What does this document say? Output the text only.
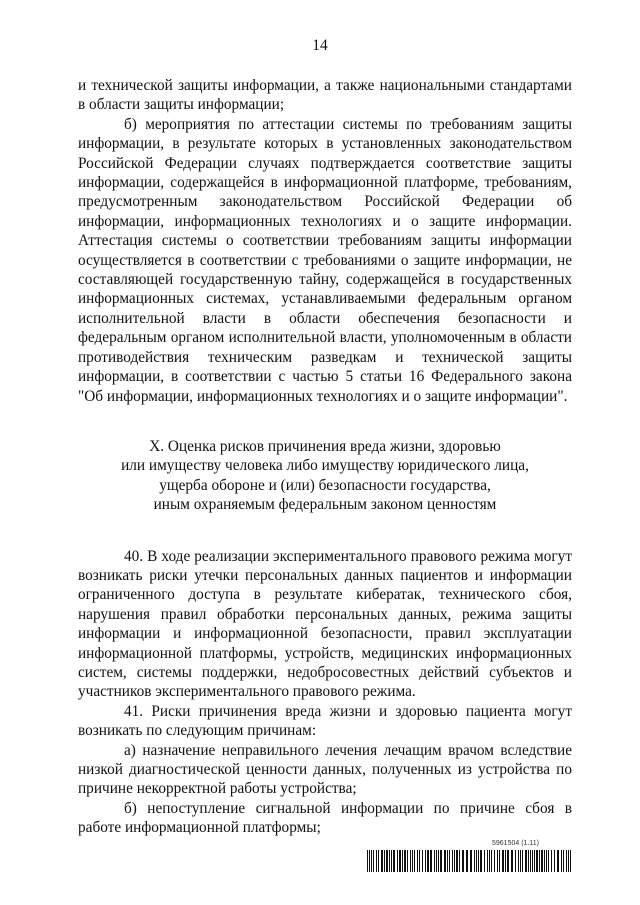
14

и технической защиты информации, а также национальными стандартами в области защиты информации;

б) мероприятия по аттестации системы по требованиям защиты информации, в результате которых в установленных законодательством Российской Федерации случаях подтверждается соответствие защиты информации, содержащейся в информационной платформе, требованиям, предусмотренным законодательством Российской Федерации об информации, информационных технологиях и о защите информации. Аттестация системы о соответствии требованиям защиты информации осуществляется в соответствии с требованиями о защите информации, не составляющей государственную тайну, содержащейся в государственных информационных системах, устанавливаемыми федеральным органом исполнительной власти в области обеспечения безопасности и федеральным органом исполнительной власти, уполномоченным в области противодействия техническим разведкам и технической защиты информации, в соответствии с частью 5 статьи 16 Федерального закона "Об информации, информационных технологиях и о защите информации".

X. Оценка рисков причинения вреда жизни, здоровью
или имуществу человека либо имуществу юридического лица,
ущерба обороне и (или) безопасности государства,
иным охраняемым федеральным законом ценностям

40. В ходе реализации экспериментального правового режима могут возникать риски утечки персональных данных пациентов и информации ограниченного доступа в результате кибератак, технического сбоя, нарушения правил обработки персональных данных, режима защиты информации и информационной безопасности, правил эксплуатации информационной платформы, устройств, медицинских информационных систем, системы поддержки, недобросовестных действий субъектов и участников экспериментального правового режима.

41. Риски причинения вреда жизни и здоровью пациента могут возникать по следующим причинам:

а) назначение неправильного лечения лечащим врачом вследствие низкой диагностической ценности данных, полученных из устройства по причине некорректной работы устройства;

б) непоступление сигнальной информации по причине сбоя в работе информационной платформы;

5961504 (1.11)
